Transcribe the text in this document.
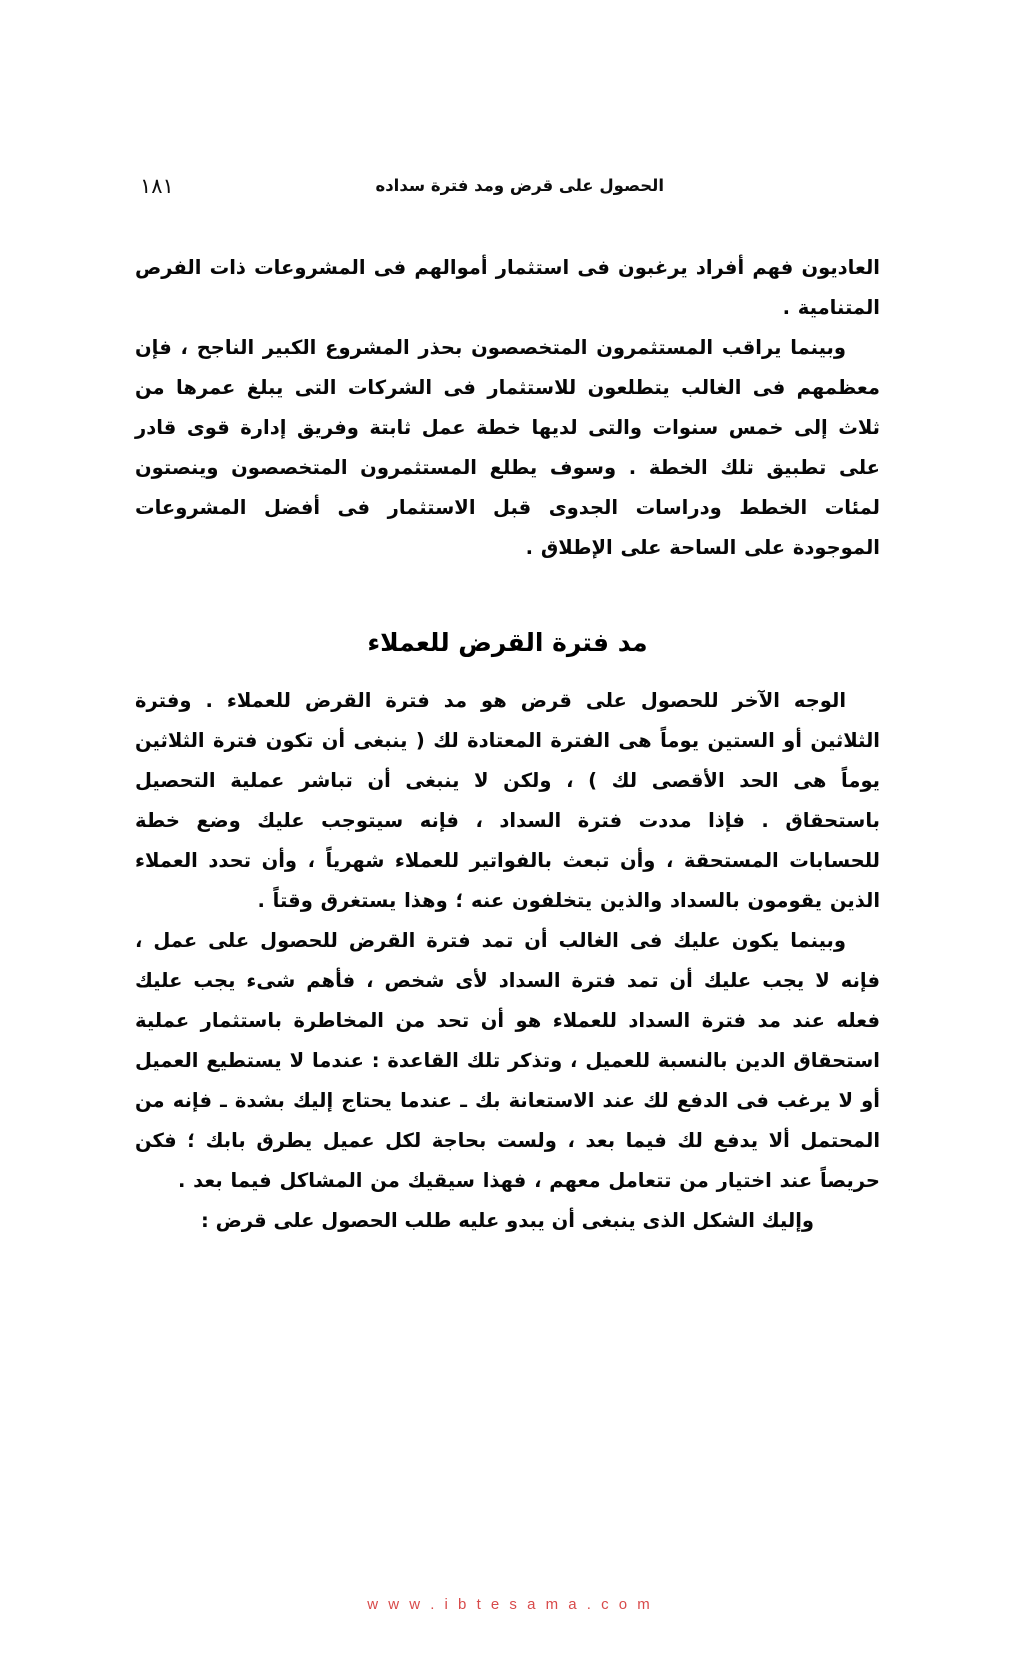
١٨١	الحصول على قرض ومد فترة سداده

العاديون فهم أفراد يرغبون فى استثمار أموالهم فى المشروعات ذات الفرص المتنامية .

وبينما يراقب المستثمرون المتخصصون بحذر المشروع الكبير الناجح ، فإن معظمهم فى الغالب يتطلعون للاستثمار فى الشركات التى يبلغ عمرها من ثلاث إلى خمس سنوات والتى لديها خطة عمل ثابتة وفريق إدارة قوى قادر على تطبيق تلك الخطة . وسوف يطلع المستثمرون المتخصصون وينصتون لمئات الخطط ودراسات الجدوى قبل الاستثمار فى أفضل المشروعات الموجودة على الساحة على الإطلاق .

مد فترة القرض للعملاء

الوجه الآخر للحصول على قرض هو مد فترة القرض للعملاء . وفترة الثلاثين أو الستين يوماً هى الفترة المعتادة لك ( ينبغى أن تكون فترة الثلاثين يوماً هى الحد الأقصى لك ) ، ولكن لا ينبغى أن تباشر عملية التحصيل باستحقاق . فإذا مددت فترة السداد ، فإنه سيتوجب عليك وضع خطة للحسابات المستحقة ، وأن تبعث بالفواتير للعملاء شهرياً ، وأن تحدد العملاء الذين يقومون بالسداد والذين يتخلفون عنه ؛ وهذا يستغرق وقتاً .

وبينما يكون عليك فى الغالب أن تمد فترة القرض للحصول على عمل ، فإنه لا يجب عليك أن تمد فترة السداد لأى شخص ، فأهم شىء يجب عليك فعله عند مد فترة السداد للعملاء هو أن تحد من المخاطرة باستثمار عملية استحقاق الدين بالنسبة للعميل ، وتذكر تلك القاعدة : عندما لا يستطيع العميل أو لا يرغب فى الدفع لك عند الاستعانة بك ـ عندما يحتاج إليك بشدة ـ فإنه من المحتمل ألا يدفع لك فيما بعد ، ولست بحاجة لكل عميل يطرق بابك ؛ فكن حريصاً عند اختيار من تتعامل معهم ، فهذا سيقيك من المشاكل فيما بعد .

وإليك الشكل الذى ينبغى أن يبدو عليه طلب الحصول على قرض :

w w w . i b t e s a m a . c o m
